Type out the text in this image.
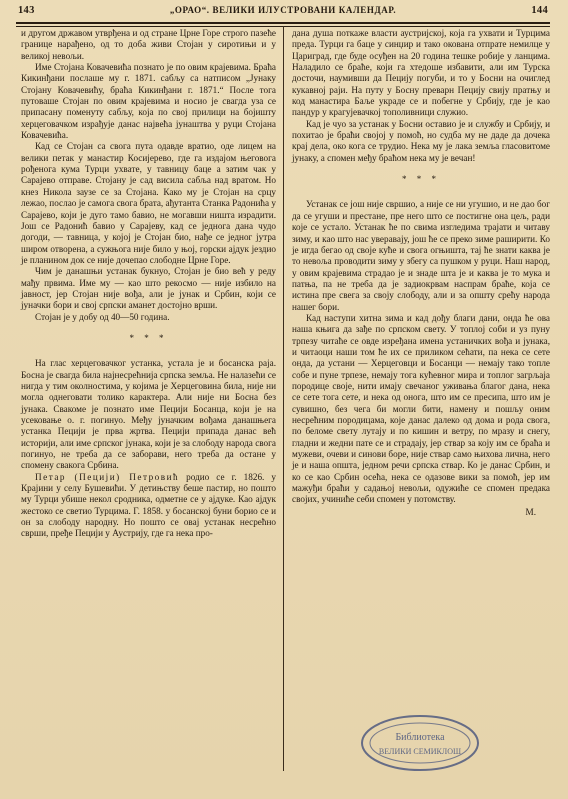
143	„ОРАО“. ВЕЛИКИ ИЛУСТРОВАНИ КАЛЕНДАР.	144

и другом државом утврђена и од стране Црне Горе строго пазеће границе нарађено, од то доба живи Стојан у сиротињи и у великој невољи.

Име Стојана Ковачевића познато је по овим крајевима. Браћа Кикинђани послаше му г. 1871. сабљу са натписом „Јунаку Стојану Ковачевићу, браћа Кикинђани г. 1871.“ После тога путоваше Стојан по овим крајевима и носио је свагда уза се припасану поменуту сабљу, која по свој прилици на бојишту херцеговачком израђује данас највећа јунаштва у руци Стојана Ковачевића.

Кад се Стојан са свога пута одавде вратио, оде лицем на велики петак у манастир Косијерево, где га издајом његовога рођенога кума Турци ухвате, у тавницу баце а затим чак у Сарајево отправе. Стојану је сад висила сабља над вратом. Но кнез Никола заузе се за Стојана. Како му је Стојан на срцу лежао, послао је самога свога брата, ађутанта Станка Радонића у Сарајево, који је дуго тамо бавио, не могавши ништа израдити. Још се Радонић бавио у Сарајеву, кад се једнога дана чудо догоди, — тавница, у којој је Стојан био, нађе се једног јутра широм отворена, а сужњога није било у њој, горски ајдук јездио је планином док се није дочепао слободне Црне Горе.

Чим је данашњи устанак букнуо, Стојан је био већ у реду мађу првима. Име му — као што рекосмо — није избило на јавност, јер Стојан није вођа, али је јунак и Србин, који се јуначки бори и свој српски аманет достојно врши.

Стојан је у добу од 40—50 година.

* * *

На глас херцеговачког устанка, устала је и босанска раја. Босна је свагда била најнесрећнија српска земља. Не налазећи се нигда у тим околностима, у којима је Херцеговина била, није ни могла однеговати толико карактера. Али није ни Босна без јунака. Свакоме је познато име Пецији Босанца, који је на усековање о. г. погинуо. Међу јуначким вођама данашњега устанка Пецији је прва жртва. Пецији припада данас већ историји, али име српског јунака, који је за слободу народа свога погинуо, не треба да се заборави, него треба да остане у спомену свакога Србина.

Петар (Пецији) Петровић родио се г. 1826. у Крајини у селу Бушевићи. У детињству беше пастир, но пошто му Турци убише некол сродника, одметне се у ајдуке. Као ајдук жестоко се светио Турцима. Г. 1858. у босанској буни борио се и он за слободу народну. Но пошто се овај устанак несрећно сврши, пређе Пецији у Аустрију, где га нека про-

дана душа поткаже власти аустријској, која га ухвати и Турцима преда. Турци га баце у синџир и тако окована отпрате немилце у Цариград, где буде осуђен на 20 година тешке робије у ланцима. Наладило се браће, који га хтедоше избавити, али им Турска досточи, наумивши да Пецију погуби, и то у Босни на очиглед кукавној раји. На путу у Босну преварн Пецију свију пратњу и код манастира Баље украде се и побегне у Србију, где је као пандур у крагујевачкој тополивници служио.

Кад је чуо за устанак у Босни оставио је и службу и Србију, и похитао је браћи својој у помоћ, но судба му не даде да дочека крај дела, око кога се трудио. Нека му је лака земља гласовитоме јунаку, а спомен међу браћом нека му је вечан!

* * *

Устанак се још није свршио, а није се ни угушио, и не дао бог да се угуши и престане, пре него што се постигне она цељ, ради које се устало. Устанак ће по свима изгледима трајати и читаву зиму, и као што нас уверавају, још ће се преко зиме раширити. Ко је игда бегао од своје куће и свога огњишта, тај ће знати каква је то невоља проводити зиму у збегу са пушком у руци. Наш народ, у овим крајевима страдао је и знаде шта је и каква је то мука и патња, па не треба да је задиокрвам наспрам браће, која се истина пре свега за своју слободу, али и за општу срећу народа нашег бори.

Кад наступи хитна зима и кад дођу благи дани, онда ће ова наша књига да зађе по српском свету. У топлој соби и уз пуну трпезу читаће се овде изређана имена устаничких вођа и јунака, и читаоци наши том ће их се приликом сећати, па нека се сете онда, да устани — Херцеговци и Босанци — немају тако топле собе и пуне трпезе, немају тога кућевног мира и топлог загрљаја породице своје, нити имају свечаног уживања благог дана, нека се сете тога сете, и нека од онога, што им се пресипа, што им је сувишно, без чега би могли бити, намену и пошљу оним несрећним породицама, које данас далеко од дома и рода свога, по беломе свету лутају и по кишин и ветру, по мразу и снегу, гладни и жедни пате се и страдају, јер ствар за коју им се браћа и мужеви, очеви и синови боре, није ствар само њихова лична, него је и наша општа, једном речи српска ствар. Ко је данас Србин, и ко се као Србин осећа, нека се одазове вики за помоћ, јер им мажуђи браћи у садањој невољи, одужиће се спомен предака својих, учиниће себи спомен у потомству.

М.
Библиотека
ВЕЛИКИ СЕМИКЛОШ
